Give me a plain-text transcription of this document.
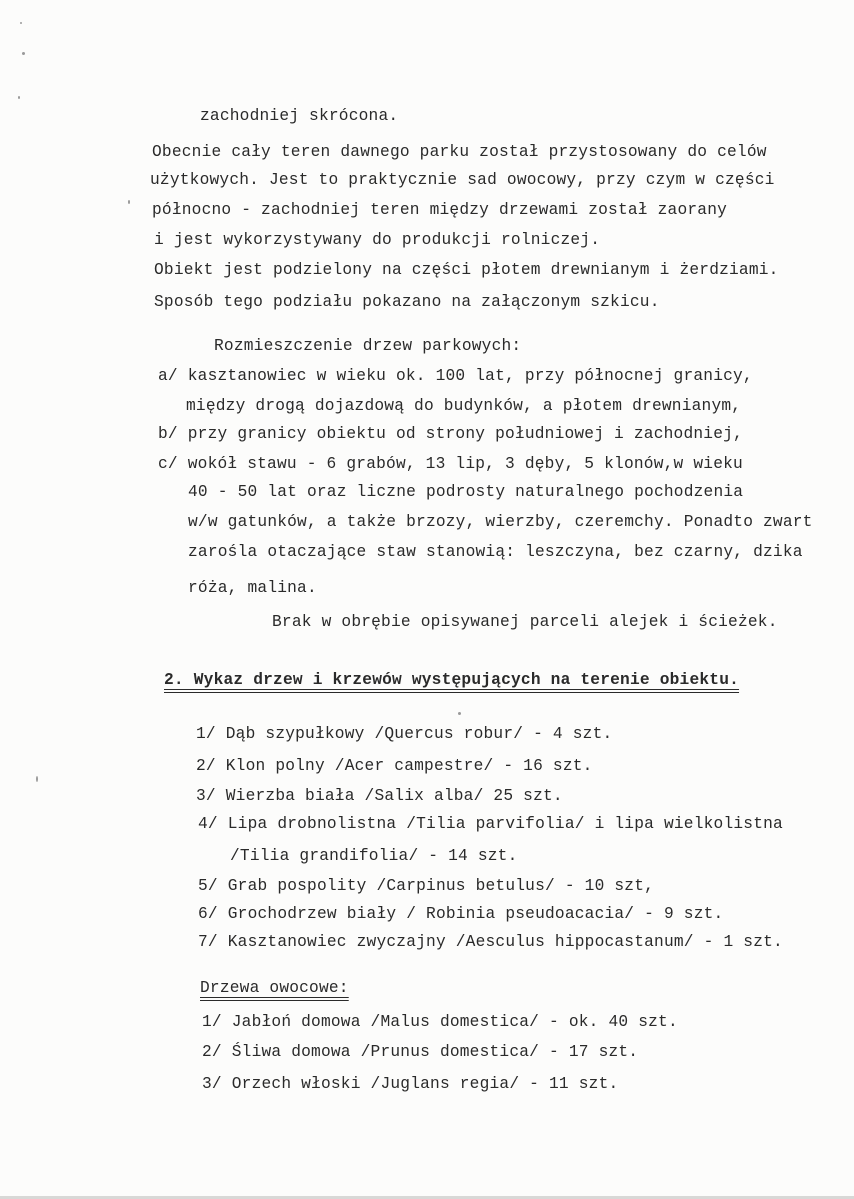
zachodniej skrócona.
Obecnie cały teren dawnego parku został przystosowany do celów
użytkowych. Jest to praktycznie sad owocowy, przy czym w części
północno - zachodniej teren między drzewami został zaorany
i jest wykorzystywany do produkcji rolniczej.
Obiekt jest podzielony na części płotem drewnianym i żerdziami.
Sposób tego podziału pokazano na załączonym szkicu.
Rozmieszczenie drzew parkowych:
a/ kasztanowiec w wieku ok. 100 lat, przy północnej granicy,
między drogą dojazdową do budynków, a płotem drewnianym,
b/ przy granicy obiektu od strony południowej i zachodniej,
c/ wokół stawu - 6 grabów, 13 lip, 3 dęby, 5 klonów,w wieku
40 - 50 lat oraz liczne podrosty naturalnego pochodzenia
w/w gatunków, a także brzozy, wierzby, czeremchy. Ponadto zwart
zarośla otaczające staw stanowią: leszczyna, bez czarny, dzika
róża, malina.
Brak w obrębie opisywanej parceli alejek i ścieżek.
2. Wykaz drzew i krzewów występujących na terenie obiektu.
1/ Dąb szypułkowy /Quercus robur/ - 4 szt.
2/ Klon polny /Acer campestre/ - 16 szt.
3/ Wierzba biała /Salix alba/ 25 szt.
4/ Lipa drobnolistna /Tilia parvifolia/ i lipa wielkolistna
/Tilia grandifolia/ - 14 szt.
5/ Grab pospolity /Carpinus betulus/ - 10 szt,
6/ Grochodrzew biały / Robinia pseudoacacia/ - 9 szt.
7/ Kasztanowiec zwyczajny /Aesculus hippocastanum/ - 1 szt.
Drzewa owocowe:
1/ Jabłoń domowa /Malus domestica/ - ok. 40 szt.
2/ Śliwa domowa /Prunus domestica/ - 17 szt.
3/ Orzech włoski /Juglans regia/ - 11 szt.
